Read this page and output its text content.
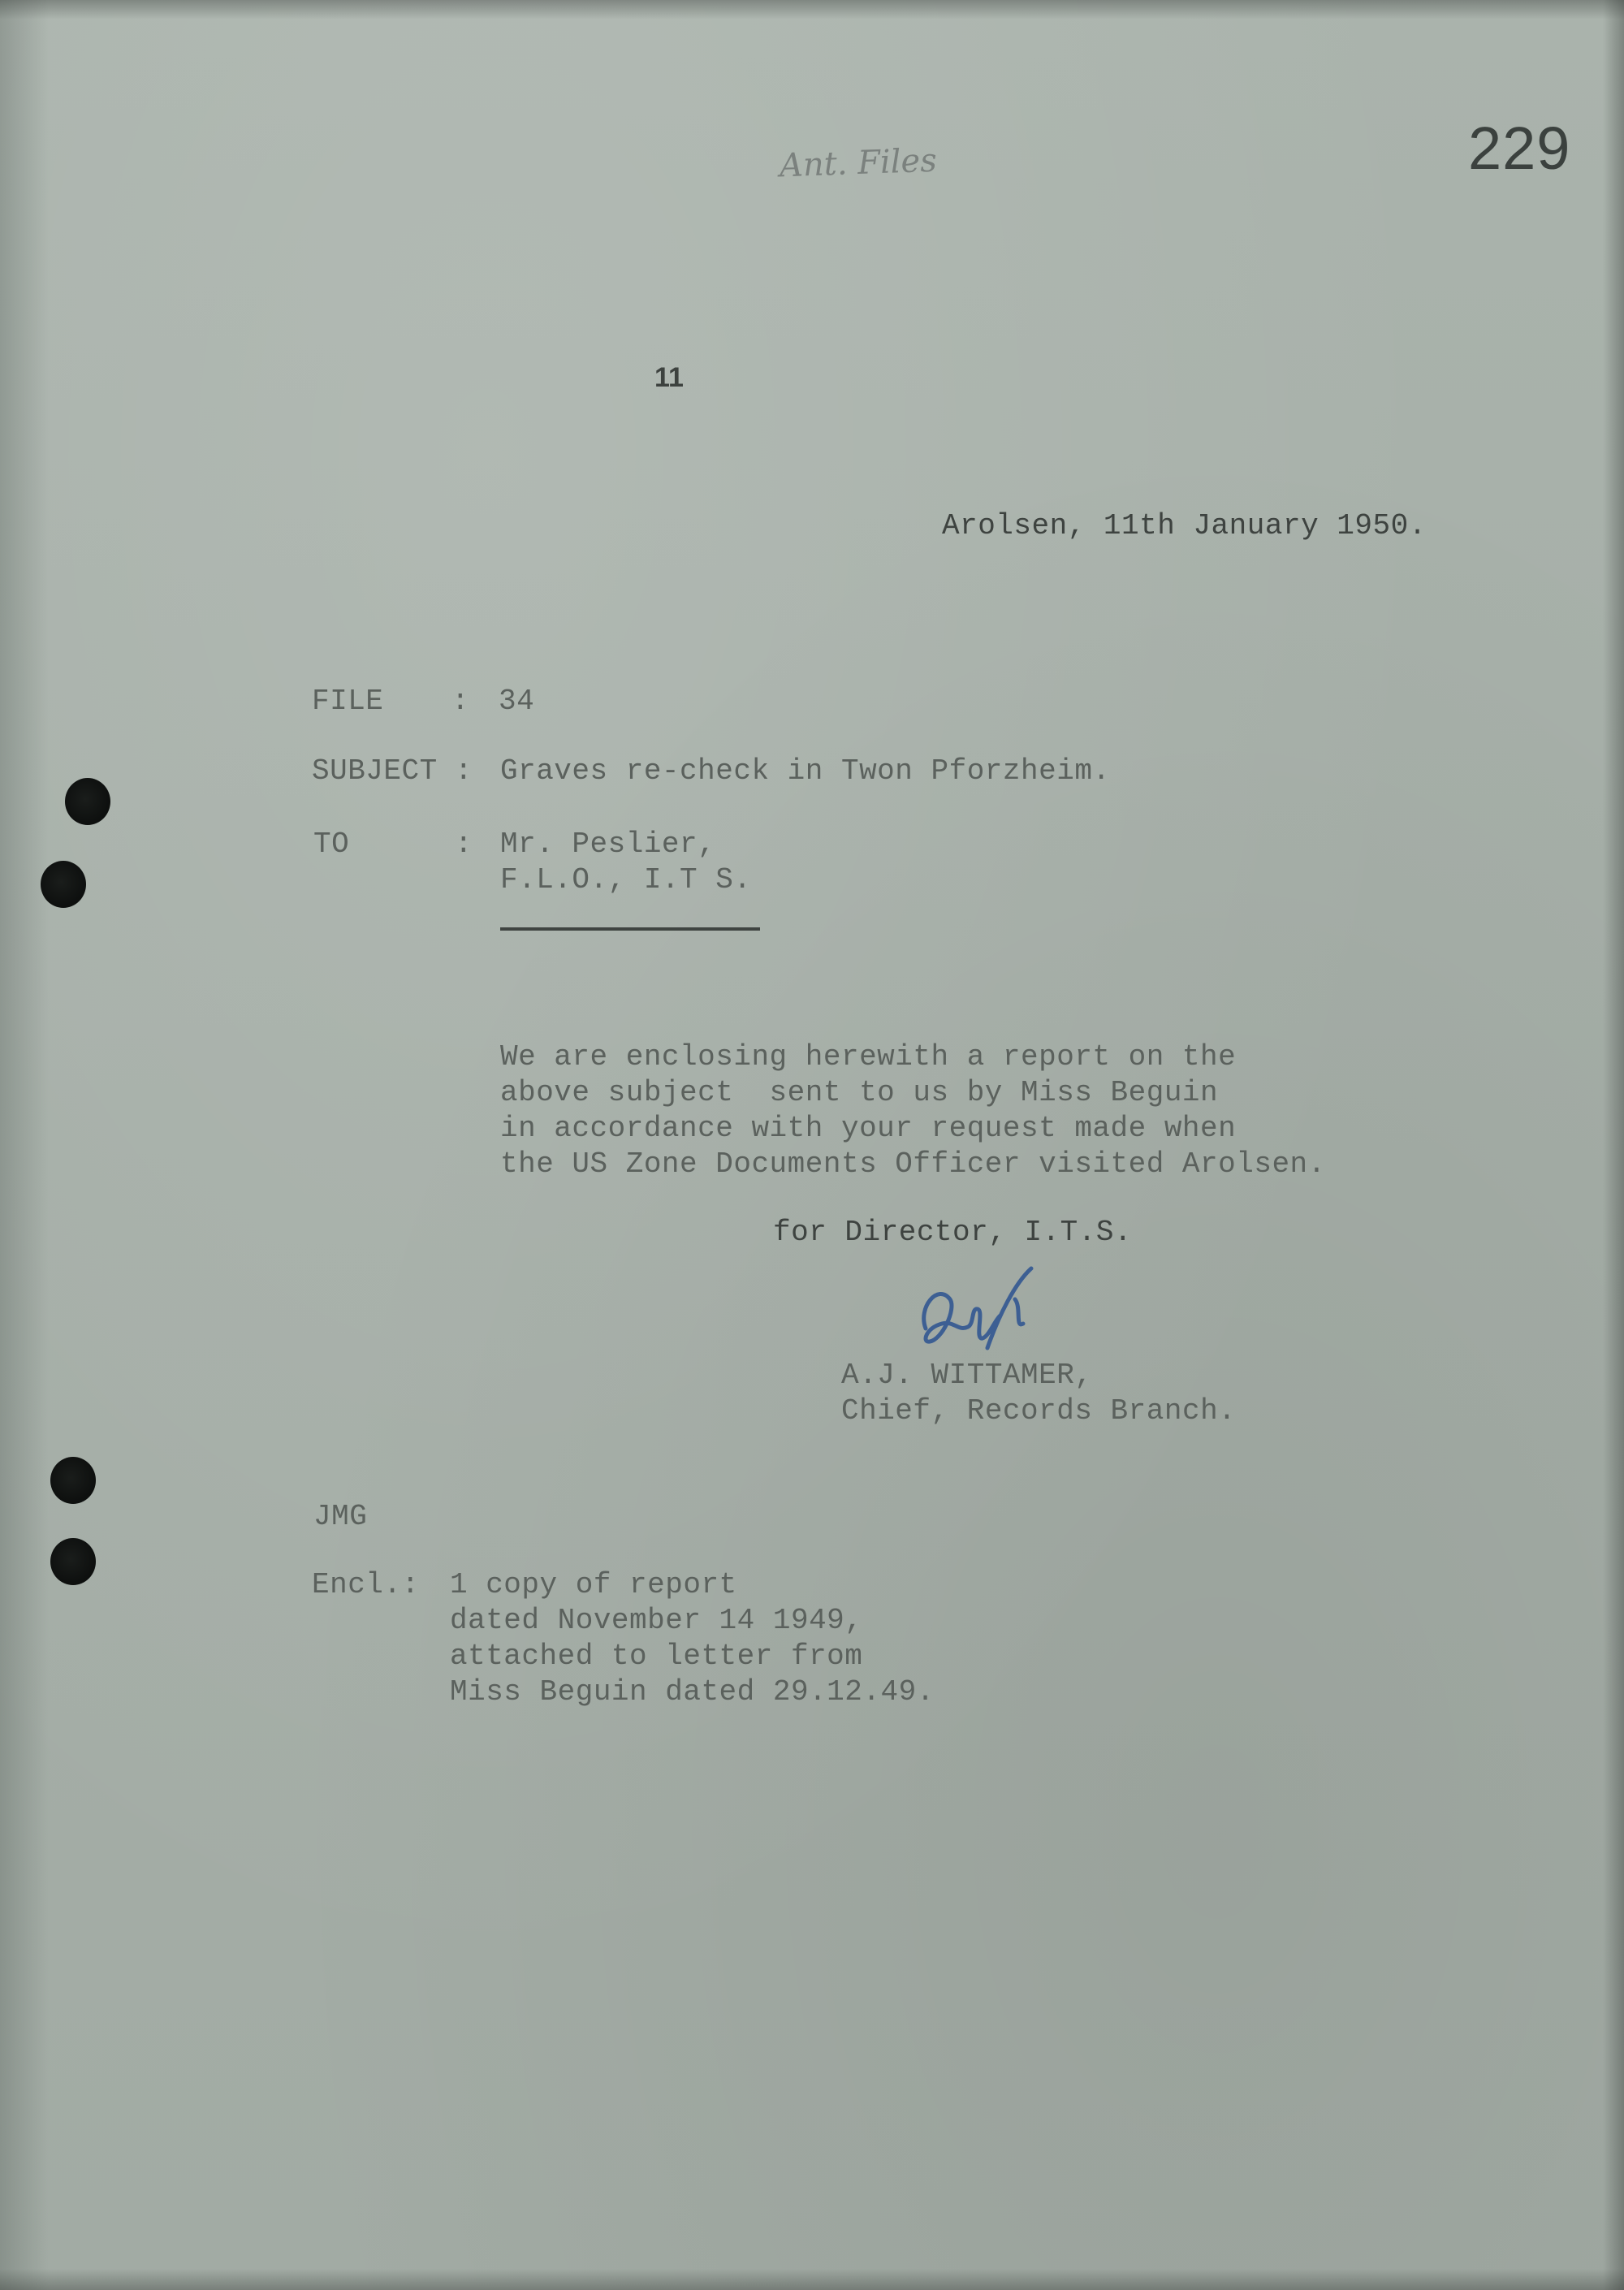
229
Ant. Files
11
Arolsen, 11th January 1950.
FILE : 34
SUBJECT : Graves re-check in Twon Pforzheim.
TO	: Mr. Peslier,
F.L.O., I.T S.
We are enclosing herewith a report on the
above subject  sent to us by Miss Beguin
in accordance with your request made when
the US Zone Documents Officer visited Arolsen.
for Director, I.T.S.
A.J. WITTAMER,
Chief, Records Branch.
JMG
Encl.: 1 copy of report
dated November 14 1949,
attached to letter from
Miss Beguin dated 29.12.49.
